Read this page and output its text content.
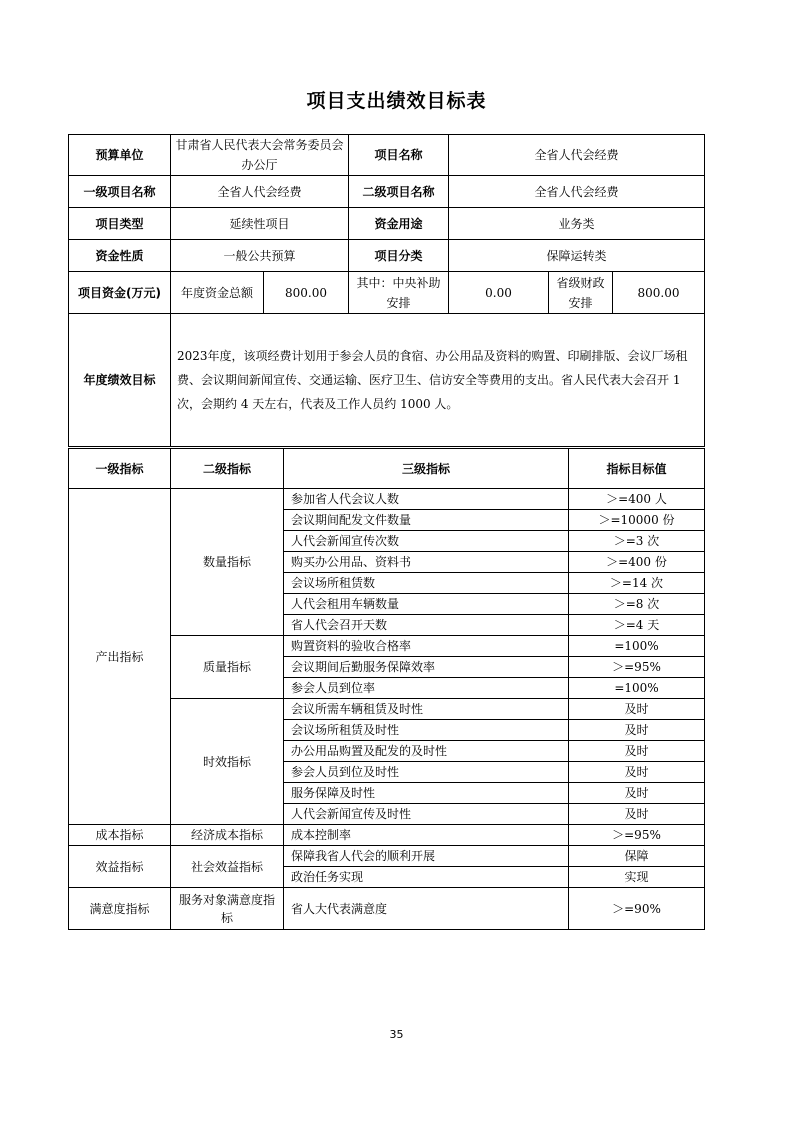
项目支出绩效目标表
预算单位	甘肃省人民代表大会常务委员会办公厅		项目名称	全省人代会经费		
一级项目名称	全省人代会经费		二级项目名称	全省人代会经费		
项目类型	延续性项目		资金用途	业务类		
资金性质	一般公共预算		项目分类	保障运转类		
项目资金(万元)	年度资金总额	800.00	其中：中央补助安排	0.00	省级财政安排	800.00
年度绩效目标	2023年度，该项经费计划用于参会人员的食宿、办公用品及资料的购置、印刷排版、会议厂场租费、会议期间新闻宣传、交通运输、医疗卫生、信访安全等费用的支出。省人民代表大会召开 1 次，会期约 4 天左右，代表及工作人员约 1000 人。					
一级指标	二级指标	三级指标	指标目标值
产出指标	数量指标	参加省人代会议人数	＞=400 人
		会议期间配发文件数量	＞=10000 份
		人代会新闻宣传次数	＞=3 次
		购买办公用品、资料书	＞=400 份
		会议场所租赁数	＞=14 次
		人代会租用车辆数量	＞=8 次
		省人代会召开天数	＞=4 天
	质量指标	购置资料的验收合格率	=100%
		会议期间后勤服务保障效率	＞=95%
		参会人员到位率	=100%
	时效指标	会议所需车辆租赁及时性	及时
		会议场所租赁及时性	及时
		办公用品购置及配发的及时性	及时
		参会人员到位及时性	及时
		服务保障及时性	及时
		人代会新闻宣传及时性	及时
成本指标	经济成本指标	成本控制率	＞=95%
效益指标	社会效益指标	保障我省人代会的顺利开展	保障
		政治任务实现	实现
满意度指标	服务对象满意度指标	省人大代表满意度	＞=90%
35
